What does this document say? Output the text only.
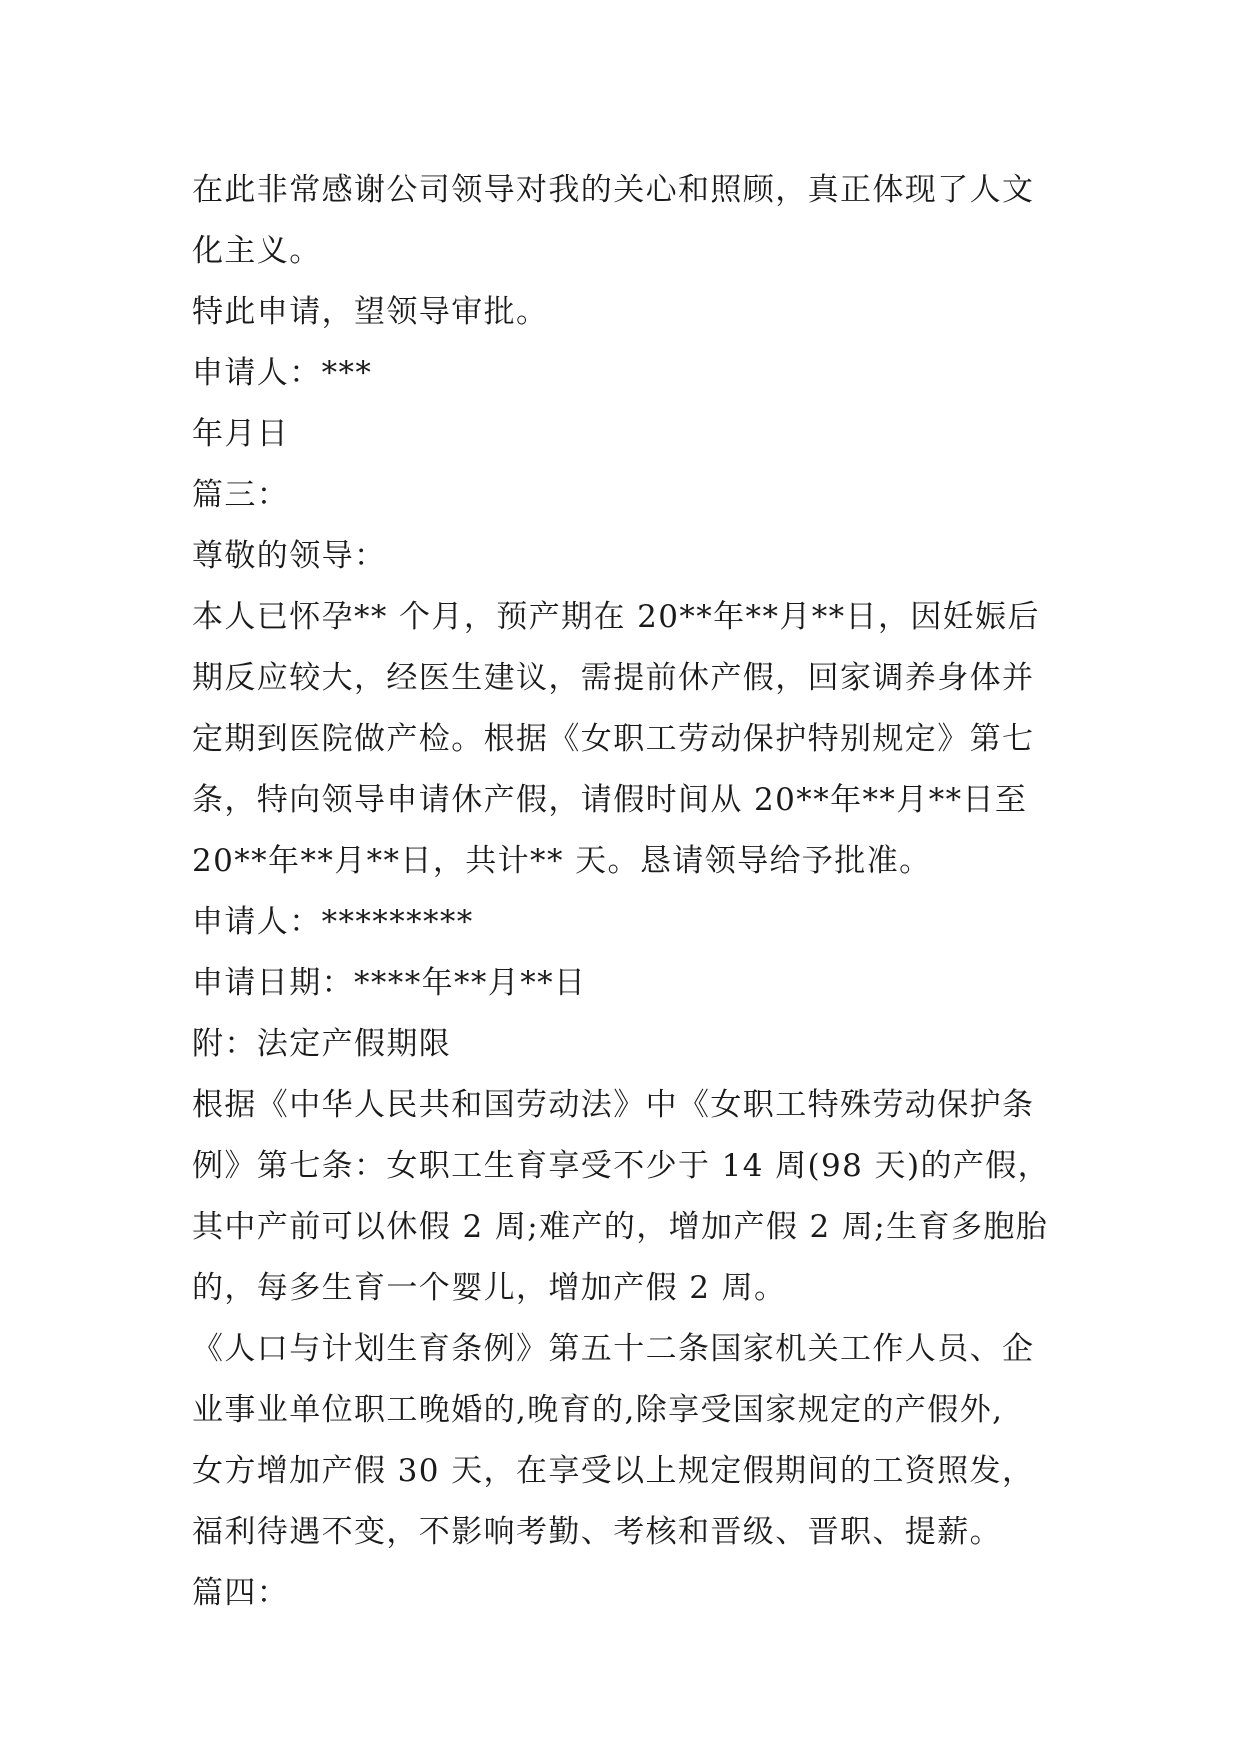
在此非常感谢公司领导对我的关心和照顾，真正体现了人文
化主义。
特此申请，望领导审批。
申请人：***
年月日
篇三：
尊敬的领导：
本人已怀孕** 个月，预产期在 20**年**月**日，因妊娠后
期反应较大，经医生建议，需提前休产假，回家调养身体并
定期到医院做产检。根据《女职工劳动保护特别规定》第七
条，特向领导申请休产假，请假时间从 20**年**月**日至
20**年**月**日，共计** 天。恳请领导给予批准。
申请人：*********
申请日期：****年**月**日
附：法定产假期限
根据《中华人民共和国劳动法》中《女职工特殊劳动保护条
例》第七条：女职工生育享受不少于 14 周(98 天)的产假，
其中产前可以休假 2 周;难产的，增加产假 2 周;生育多胞胎
的，每多生育一个婴儿，增加产假 2 周。
《人口与计划生育条例》第五十二条国家机关工作人员、企
业事业单位职工晚婚的,晚育的,除享受国家规定的产假外,
女方增加产假 30 天，在享受以上规定假期间的工资照发，
福利待遇不变，不影响考勤、考核和晋级、晋职、提薪。
篇四：
